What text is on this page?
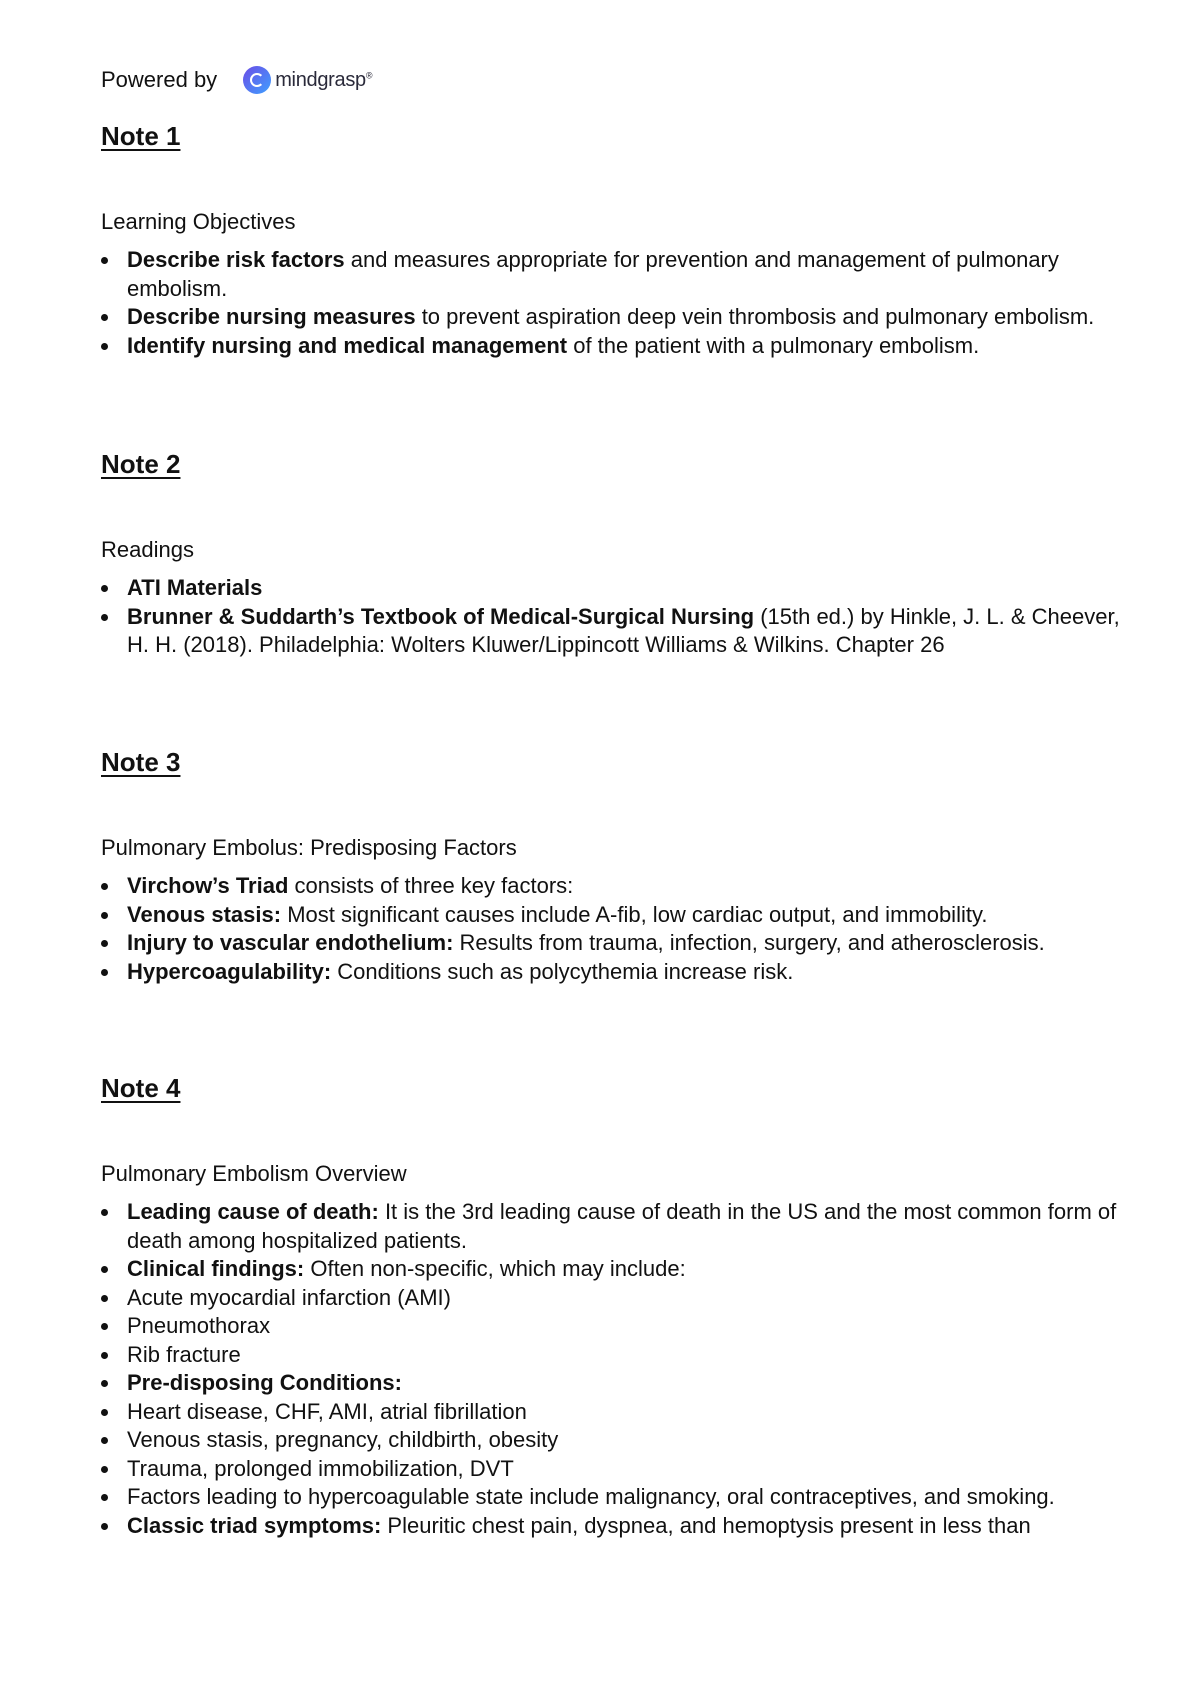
Powered by	mindgrasp®
Note 1
Learning Objectives
Describe risk factors and measures appropriate for prevention and management of pulmonary embolism.
Describe nursing measures to prevent aspiration deep vein thrombosis and pulmonary embolism.
Identify nursing and medical management of the patient with a pulmonary embolism.
Note 2
Readings
ATI Materials
Brunner & Suddarth’s Textbook of Medical-Surgical Nursing (15th ed.) by Hinkle, J. L. & Cheever, H. H. (2018). Philadelphia: Wolters Kluwer/Lippincott Williams & Wilkins. Chapter 26
Note 3
Pulmonary Embolus: Predisposing Factors
Virchow’s Triad consists of three key factors:
Venous stasis: Most significant causes include A-fib, low cardiac output, and immobility.
Injury to vascular endothelium: Results from trauma, infection, surgery, and atherosclerosis.
Hypercoagulability: Conditions such as polycythemia increase risk.
Note 4
Pulmonary Embolism Overview
Leading cause of death: It is the 3rd leading cause of death in the US and the most common form of death among hospitalized patients.
Clinical findings: Often non-specific, which may include:
Acute myocardial infarction (AMI)
Pneumothorax
Rib fracture
Pre-disposing Conditions:
Heart disease, CHF, AMI, atrial fibrillation
Venous stasis, pregnancy, childbirth, obesity
Trauma, prolonged immobilization, DVT
Factors leading to hypercoagulable state include malignancy, oral contraceptives, and smoking.
Classic triad symptoms: Pleuritic chest pain, dyspnea, and hemoptysis present in less than
